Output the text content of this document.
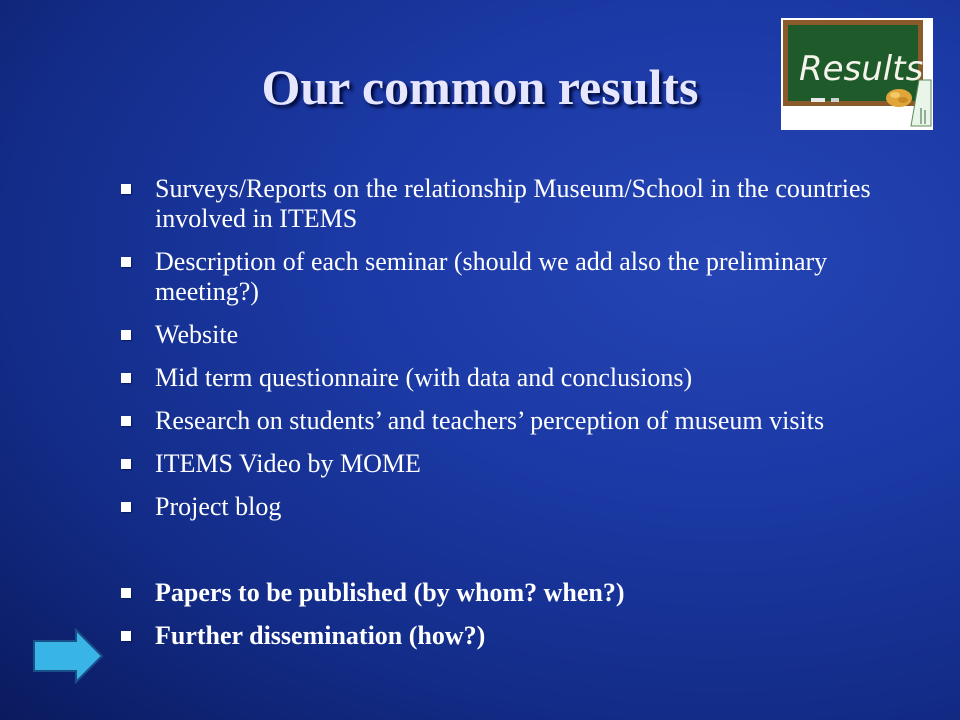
Our common results	Results
Surveys/Reports on the relationship Museum/School in the countries involved in ITEMS
Description of each seminar (should we add also the preliminary meeting?)
Website
Mid term questionnaire (with data and conclusions)
Research on students’ and teachers’ perception of museum visits
ITEMS Video by MOME
Project blog
Papers to be published (by whom? when?)
Further dissemination (how?)
